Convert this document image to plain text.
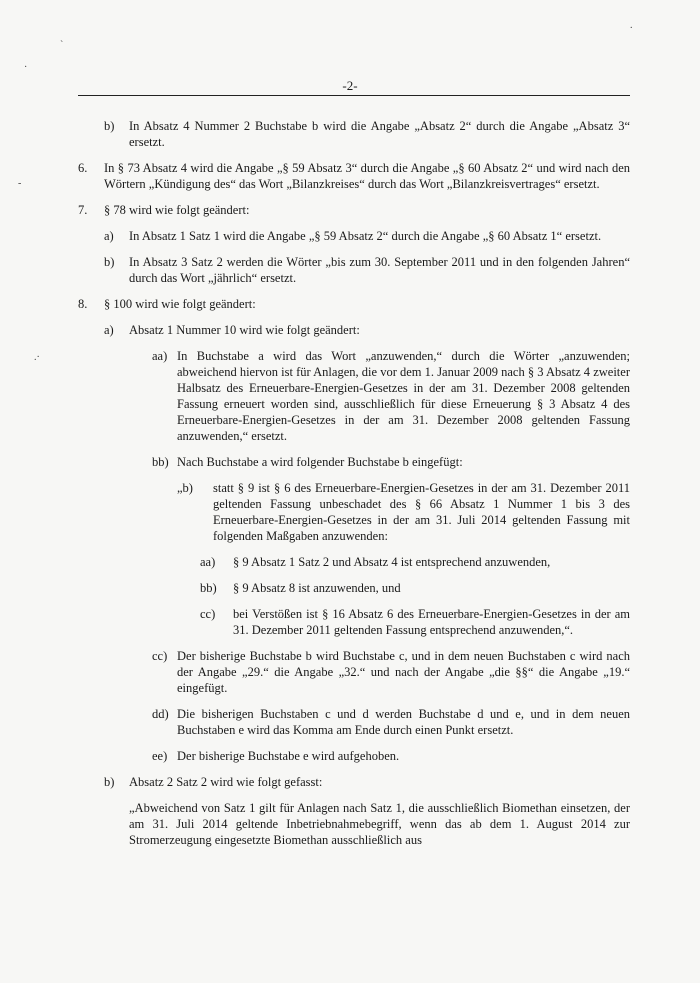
-2-
`
·
-
.·
.
b) In Absatz 4 Nummer 2 Buchstabe b wird die Angabe „Absatz 2“ durch die Angabe „Absatz 3“ ersetzt.
6. In § 73 Absatz 4 wird die Angabe „§ 59 Absatz 3“ durch die Angabe „§ 60 Absatz 2“ und wird nach den Wörtern „Kündigung des“ das Wort „Bilanzkreises“ durch das Wort „Bilanzkreisvertrages“ ersetzt.
7. § 78 wird wie folgt geändert:
a) In Absatz 1 Satz 1 wird die Angabe „§ 59 Absatz 2“ durch die Angabe „§ 60 Absatz 1“ ersetzt.
b) In Absatz 3 Satz 2 werden die Wörter „bis zum 30. September 2011 und in den folgenden Jahren“ durch das Wort „jährlich“ ersetzt.
8. § 100 wird wie folgt geändert:
a) Absatz 1 Nummer 10 wird wie folgt geändert:
aa) In Buchstabe a wird das Wort „anzuwenden,“ durch die Wörter „anzuwenden; abweichend hiervon ist für Anlagen, die vor dem 1. Januar 2009 nach § 3 Absatz 4 zweiter Halbsatz des Erneuerbare-Energien-Gesetzes in der am 31. Dezember 2008 geltenden Fassung erneuert worden sind, ausschließlich für diese Erneuerung § 3 Absatz 4 des Erneuerbare-Energien-Gesetzes in der am 31. Dezember 2008 geltenden Fassung anzuwenden,“ ersetzt.
bb) Nach Buchstabe a wird folgender Buchstabe b eingefügt:
„b) statt § 9 ist § 6 des Erneuerbare-Energien-Gesetzes in der am 31. Dezember 2011 geltenden Fassung unbeschadet des § 66 Absatz 1 Nummer 1 bis 3 des Erneuerbare-Energien-Gesetzes in der am 31. Juli 2014 geltenden Fassung mit folgenden Maßgaben anzuwenden:
aa) § 9 Absatz 1 Satz 2 und Absatz 4 ist entsprechend anzuwenden,
bb) § 9 Absatz 8 ist anzuwenden, und
cc) bei Verstößen ist § 16 Absatz 6 des Erneuerbare-Energien-Gesetzes in der am 31. Dezember 2011 geltenden Fassung entsprechend anzuwenden,“.
cc) Der bisherige Buchstabe b wird Buchstabe c, und in dem neuen Buchstaben c wird nach der Angabe „29.“ die Angabe „32.“ und nach der Angabe „die §§“ die Angabe „19.“ eingefügt.
dd) Die bisherigen Buchstaben c und d werden Buchstabe d und e, und in dem neuen Buchstaben e wird das Komma am Ende durch einen Punkt ersetzt.
ee) Der bisherige Buchstabe e wird aufgehoben.
b) Absatz 2 Satz 2 wird wie folgt gefasst:
„Abweichend von Satz 1 gilt für Anlagen nach Satz 1, die ausschließlich Biomethan einsetzen, der am 31. Juli 2014 geltende Inbetriebnahmebegriff, wenn das ab dem 1. August 2014 zur Stromerzeugung eingesetzte Biomethan ausschließlich aus
